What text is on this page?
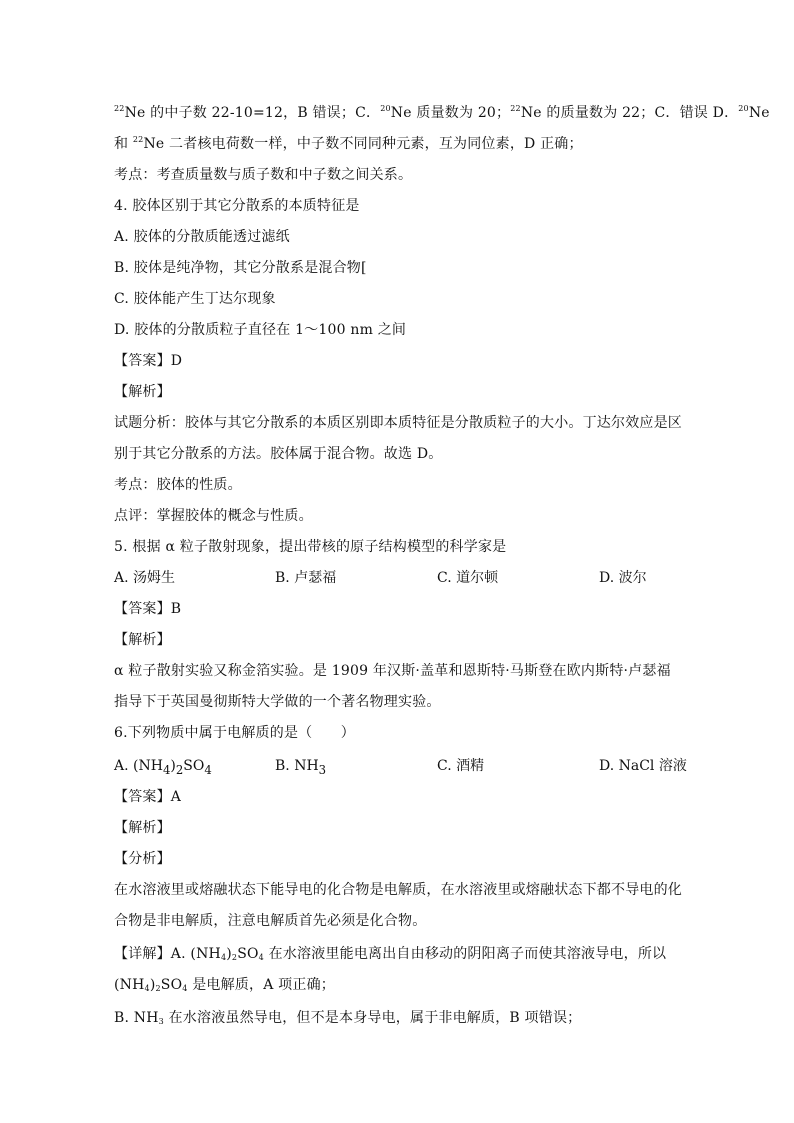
$^{22}$Ne 的中子数 22-10=12，B 错误；C．$^{20}$Ne 质量数为 20；$^{22}$Ne 的质量数为 22；C．错误 D．$^{20}$Ne
和 $^{22}$Ne 二者核电荷数一样，中子数不同同种元素，互为同位素，D 正确；
考点：考查质量数与质子数和中子数之间关系。
4. 胶体区别于其它分散系的本质特征是
A. 胶体的分散质能透过滤纸
B. 胶体是纯净物，其它分散系是混合物[
C. 胶体能产生丁达尔现象
D. 胶体的分散质粒子直径在 1～100 nm 之间
【答案】D
【解析】
试题分析：胶体与其它分散系的本质区别即本质特征是分散质粒子的大小。丁达尔效应是区
别于其它分散系的方法。胶体属于混合物。故选 D。
考点：胶体的性质。
点评：掌握胶体的概念与性质。
5. 根据 α 粒子散射现象，提出带核的原子结构模型的科学家是
A. 汤姆生	B. 卢瑟福	C. 道尔顿	D. 波尔
【答案】B
【解析】
α 粒子散射实验又称金箔实验。是 1909 年汉斯·盖革和恩斯特·马斯登在欧内斯特·卢瑟福
指导下于英国曼彻斯特大学做的一个著名物理实验。
6.下列物质中属于电解质的是（　　）
A. $(NH_4)_2SO_4$	B. $NH_3$	C. 酒精	D. NaCl 溶液
【答案】A
【解析】
【分析】
在水溶液里或熔融状态下能导电的化合物是电解质，在水溶液里或熔融状态下都不导电的化
合物是非电解质，注意电解质首先必须是化合物。
【详解】A. $(NH_4)_2SO_4$ 在水溶液里能电离出自由移动的阴阳离子而使其溶液导电，所以
$(NH_4)_2SO_4$ 是电解质，A 项正确；
B. $NH_3$ 在水溶液虽然导电，但不是本身导电，属于非电解质，B 项错误；
